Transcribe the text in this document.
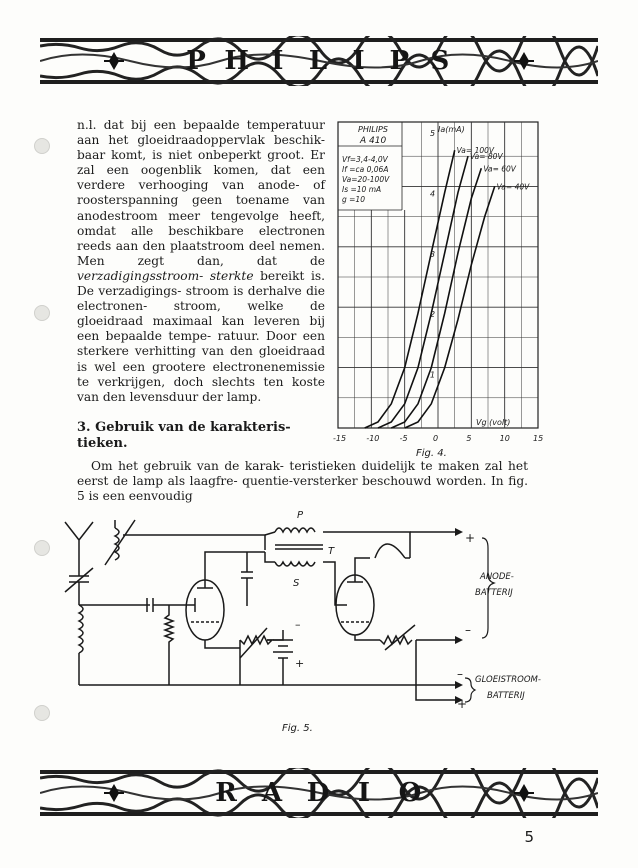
P H I L I P S
n.l. dat bij een bepaalde temperatuur aan het gloeidraadoppervlak beschik- baar komt, is niet onbeperkt groot. Er zal een oogenblik komen, dat een verdere verhooging van anode- of roosterspanning geen toename van anodestroom meer tengevolge heeft, omdat alle beschikbare electronen reeds aan den plaatstroom deel nemen. Men zegt dan, dat de verzadigingsstroom- sterkte bereikt is. De verzadigings- stroom is derhalve die electronen- stroom, welke de gloeidraad maximaal kan leveren bij een bepaalde tempe- ratuur. Door een sterkere verhitting van den gloeidraad is wel een grootere electronenemissie te verkrijgen, doch slechts ten koste van den levensduur der lamp.
3. Gebruik van de karakteris- tieken.
Om het gebruik van de karak- teristieken duidelijk te maken zal het eerst de lamp als laagfre- quentie-versterker beschouwd worden. In fig. 5 is een eenvoudig
PHILIPS
A 410
Vf=3,4-4,0V
If =ca 0,06A
Va=20-100V
Is =10 mA
g =10
Ia(mA)
Vg (volt)
1
2
3
4
5
-15	-10	-5	0	5	10	15
Va= 100V
Va= 80V
Va= 60V
Va= 40V
Fig. 4.
P
T
S
+
–
ANODE-
BATTERIJ
–
+
GLOEISTROOM-
BATTERIJ
–
+
Fig. 5.
R A D	I	O
5
